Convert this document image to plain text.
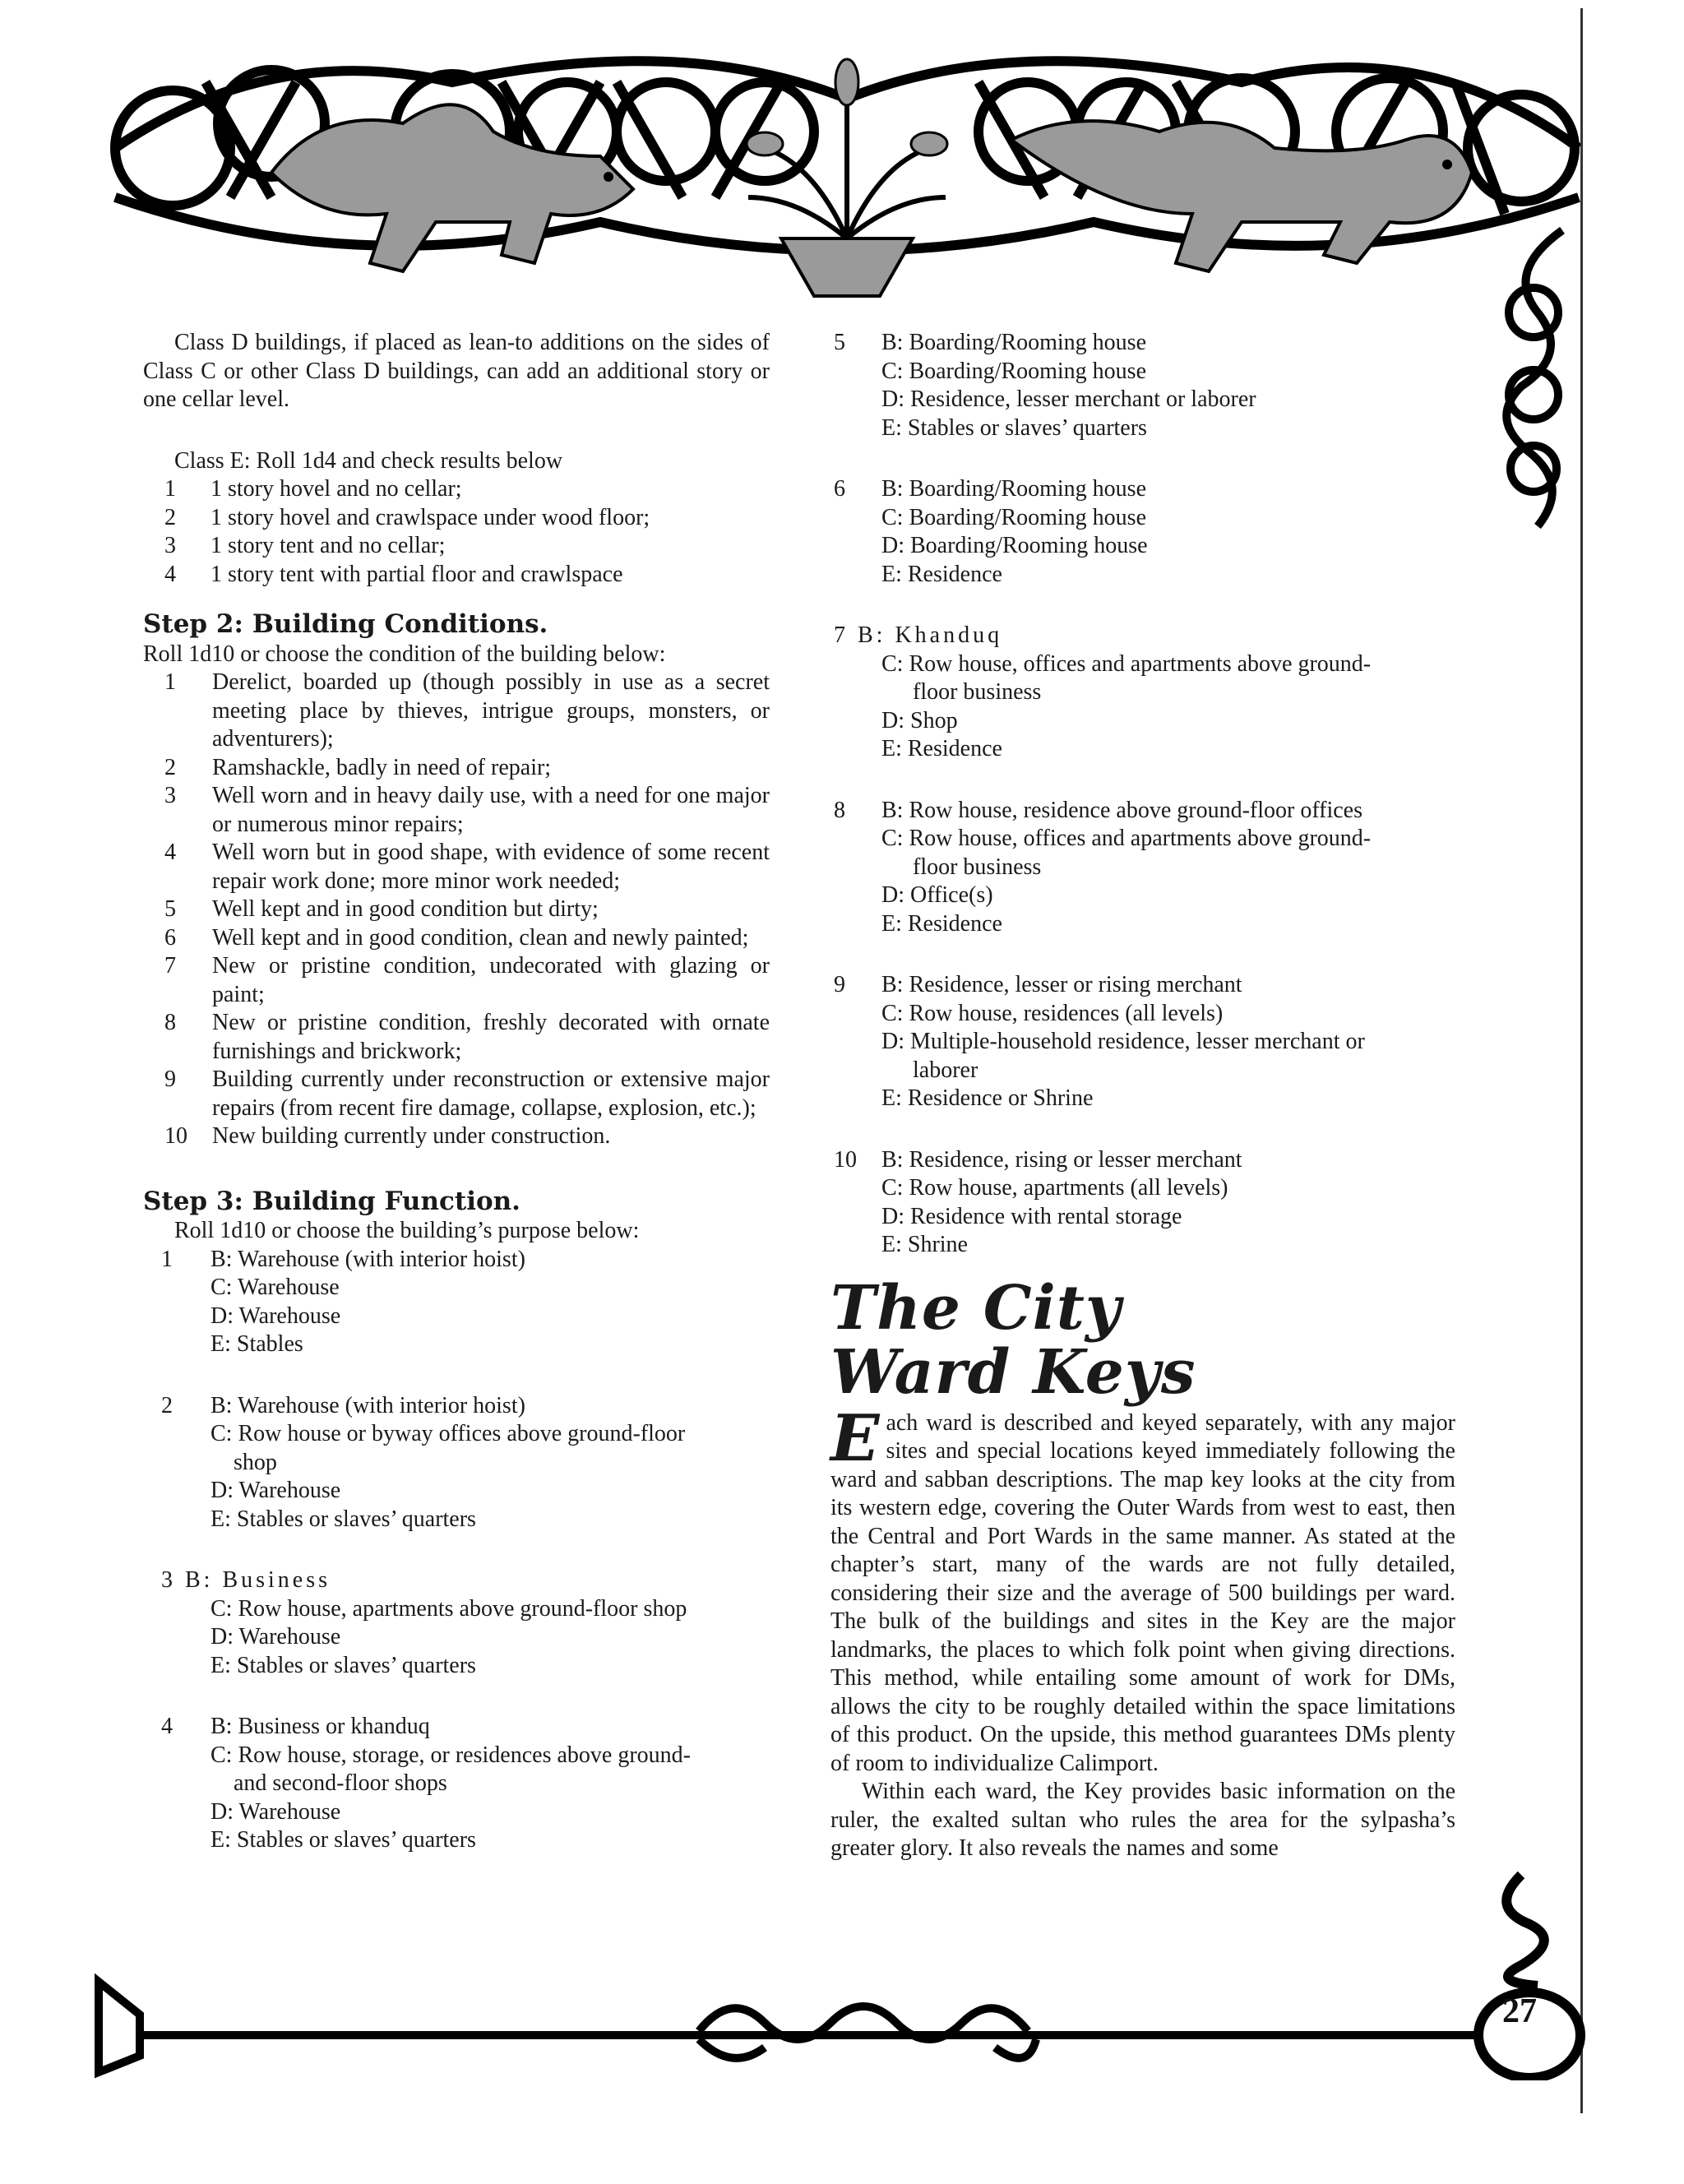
27

Class D buildings, if placed as lean-to additions on the sides of Class C or other Class D buildings, can add an additional story or one cellar level.

Class E: Roll 1d4 and check results below

1	1 story hovel and no cellar;
2	1 story hovel and crawlspace under wood floor;
3	1 story tent and no cellar;
4	1 story tent with partial floor and crawlspace
Step 2: Building Conditions.

Roll 1d10 or choose the condition of the building below:

1	Derelict, boarded up (though possibly in use as a secret meeting place by thieves, intrigue groups, monsters, or adventurers);
2	Ramshackle, badly in need of repair;
3	Well worn and in heavy daily use, with a need for one major or numerous minor repairs;
4	Well worn but in good shape, with evidence of some recent repair work done; more minor work needed;
5	Well kept and in good condition but dirty;
6	Well kept and in good condition, clean and newly painted;
7	New or pristine condition, undecorated with glazing or paint;
8	New or pristine condition, freshly decorated with ornate furnishings and brickwork;
9	Building currently under reconstruction or extensive major repairs (from recent fire damage, collapse, explosion, etc.);
10	New building currently under construction.
Step 3: Building Function.

Roll 1d10 or choose the building’s purpose below:

1	B: Warehouse (with interior hoist)

C: Warehouse

D: Warehouse

E: Stables

2	B: Warehouse (with interior hoist)

C: Row house or byway offices above ground-floor

shop

D: Warehouse

E: Stables or slaves’ quarters

3
B: Business

C: Row house, apartments above ground-floor shop

D: Warehouse

E: Stables or slaves’ quarters

4	B: Business or khanduq

C: Row house, storage, or residences above ground-

and second-floor shops

D: Warehouse

E: Stables or slaves’ quarters

5	B: Boarding/Rooming house

C: Boarding/Rooming house

D: Residence, lesser merchant or laborer

E: Stables or slaves’ quarters

6	B: Boarding/Rooming house

C: Boarding/Rooming house

D: Boarding/Rooming house

E: Residence

7 B: Khanduq

C: Row house, offices and apartments above ground-

floor business

D: Shop

E: Residence

8	B: Row house, residence above ground-floor offices

C: Row house, offices and apartments above ground-

floor business

D: Office(s)

E: Residence

9	B: Residence, lesser or rising merchant

C: Row house, residences (all levels)

D: Multiple-household residence, lesser merchant or

laborer

E: Residence or Shrine

10	B: Residence, rising or lesser merchant

C: Row house, apartments (all levels)

D: Residence with rental storage

E: Shrine

The City
Ward Keys

Each ward is described and keyed separately, with any major sites and special locations keyed immediately following the ward and sabban descriptions. The map key looks at the city from its western edge, covering the Outer Wards from west to east, then the Central and Port Wards in the same manner. As stated at the chapter’s start, many of the wards are not fully detailed, considering their size and the average of 500 buildings per ward. The bulk of the buildings and sites in the Key are the major landmarks, the places to which folk point when giving directions. This method, while entailing some amount of work for DMs, allows the city to be roughly detailed within the space limitations of this product. On the upside, this method guarantees DMs plenty of room to individualize Calimport.

Within each ward, the Key provides basic information on the ruler, the exalted sultan who rules the area for the sylpasha’s greater glory. It also reveals the names and some
